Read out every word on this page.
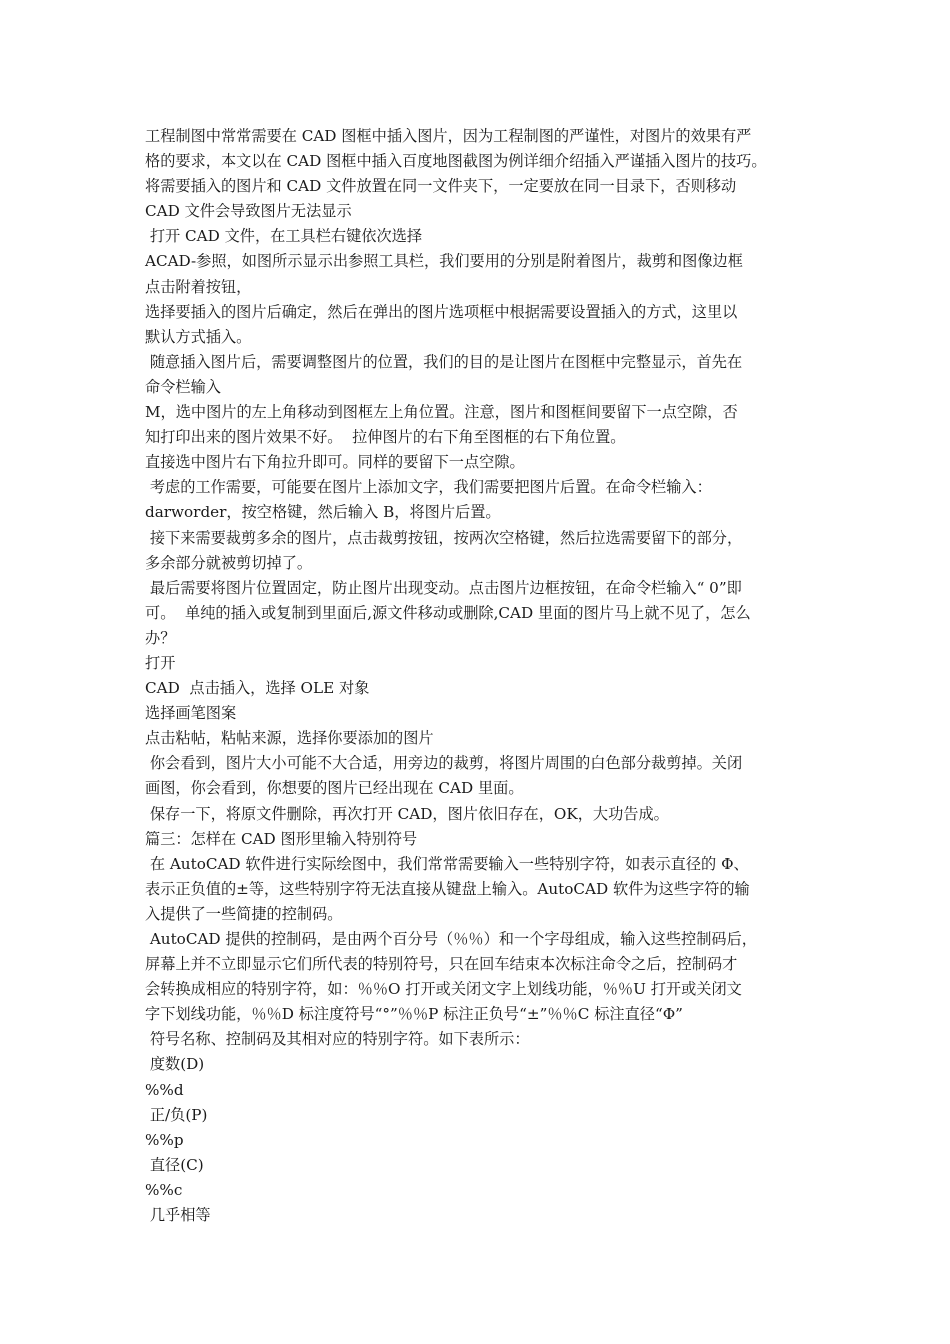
工程制图中常常需要在 CAD 图框中插入图片，因为工程制图的严谨性，对图片的效果有严
格的要求，本文以在 CAD 图框中插入百度地图截图为例详细介绍插入严谨插入图片的技巧。
将需要插入的图片和 CAD 文件放置在同一文件夹下，一定要放在同一目录下，否则移动
CAD 文件会导致图片无法显示
打开 CAD 文件，在工具栏右键依次选择
ACAD-参照，如图所示显示出参照工具栏，我们要用的分别是附着图片，裁剪和图像边框
点击附着按钮，
选择要插入的图片后确定，然后在弹出的图片选项框中根据需要设置插入的方式，这里以
默认方式插入。
随意插入图片后，需要调整图片的位置，我们的目的是让图片在图框中完整显示，首先在
命令栏输入
M，选中图片的左上角移动到图框左上角位置。注意，图片和图框间要留下一点空隙，否
知打印出来的图片效果不好。  拉伸图片的右下角至图框的右下角位置。
直接选中图片右下角拉升即可。同样的要留下一点空隙。
考虑的工作需要，可能要在图片上添加文字，我们需要把图片后置。在命令栏输入：
darworder，按空格键，然后输入 B，将图片后置。
接下来需要裁剪多余的图片，点击裁剪按钮，按两次空格键，然后拉选需要留下的部分，
多余部分就被剪切掉了。
最后需要将图片位置固定，防止图片出现变动。点击图片边框按钮，在命令栏输入“ 0”即
可。  单纯的插入或复制到里面后,源文件移动或删除,CAD 里面的图片马上就不见了，怎么
办？
打开
CAD  点击插入，选择 OLE 对象
选择画笔图案
点击粘帖，粘帖来源，选择你要添加的图片
你会看到，图片大小可能不大合适，用旁边的裁剪，将图片周围的白色部分裁剪掉。关闭
画图，你会看到，你想要的图片已经出现在 CAD 里面。
保存一下，将原文件删除，再次打开 CAD，图片依旧存在，OK，大功告成。
篇三：怎样在 CAD 图形里输入特别符号
在 AutoCAD 软件进行实际绘图中，我们常常需要输入一些特别字符，如表示直径的 Φ、
表示正负值的±等，这些特别字符无法直接从键盘上输入。AutoCAD 软件为这些字符的输
入提供了一些简捷的控制码。
AutoCAD 提供的控制码，是由两个百分号（％％）和一个字母组成，输入这些控制码后，
屏幕上并不立即显示它们所代表的特别符号，只在回车结束本次标注命令之后，控制码才
会转换成相应的特别字符，如：％％O 打开或关闭文字上划线功能，％％U 打开或关闭文
字下划线功能，％％D 标注度符号“°”％％P 标注正负号“±”％％C 标注直径“Φ”
符号名称、控制码及其相对应的特别字符。如下表所示：
度数(D)
%%d
正/负(P)
%%p
直径(C)
%%c
几乎相等
